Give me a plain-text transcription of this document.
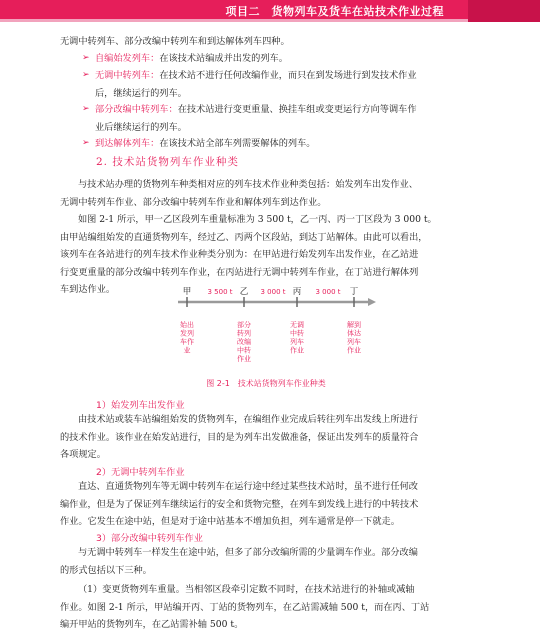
项目二　货物列车及货车在站技术作业过程
无调中转列车、部分改编中转列车和到达解体列车四种。
➢ 自编始发列车：在该技术站编成并出发的列车。
➢ 无调中转列车：在技术站不进行任何改编作业，而只在到发场进行到发技术作业
后，继续运行的列车。
➢ 部分改编中转列车：在技术站进行变更重量、换挂车组或变更运行方向等调车作
业后继续运行的列车。
➢ 到达解体列车：在该技术站全部车列需要解体的列车。
2. 技术站货物列车作业种类
与技术站办理的货物列车种类相对应的列车技术作业种类包括：始发列车出发作业、
无调中转列车作业、部分改编中转列车作业和解体列车到达作业。
如图 2-1 所示，甲一乙区段列车重量标准为 3 500 t，乙一丙、丙一丁区段为 3 000 t。
由甲站编组始发的直通货物列车，经过乙、丙两个区段站，到达丁站解体。由此可以看出，
该列车在各站进行的列车技术作业种类分别为：在甲站进行始发列车出发作业，在乙站进
行变更重量的部分改编中转列车作业，在丙站进行无调中转列车作业，在丁站进行解体列
车到达作业。	甲	乙	丙	丁
3 500 t	3 000 t	3 000 t
始出发列车作业
部分转列改编中转作业
无调中转列车作业
解到体达列车作业
图 2-1 技术站货物列车作业种类
1）始发列车出发作业
由技术站或装车站编组始发的货物列车，在编组作业完成后转往列车出发线上所进行
的技术作业。该作业在始发站进行，目的是为列车出发做准备，保证出发列车的质量符合
各项规定。
2）无调中转列车作业
直达、直通货物列车等无调中转列车在运行途中经过某些技术站时，虽不进行任何改
编作业，但是为了保证列车继续运行的安全和货物完整，在列车到发线上进行的中转技术
作业。它发生在途中站，但是对于途中站基本不增加负担，列车通常是停一下就走。
3）部分改编中转列车作业
与无调中转列车一样发生在途中站，但多了部分改编所需的少量调车作业。部分改编
的形式包括以下三种。
（1）变更货物列车重量。当相邻区段牵引定数不同时，在技术站进行的补轴或减轴
作业。如图 2-1 所示，甲站编开丙、丁站的货物列车，在乙站需减轴 500 t，而在丙、丁站
编开甲站的货物列车，在乙站需补轴 500 t。
